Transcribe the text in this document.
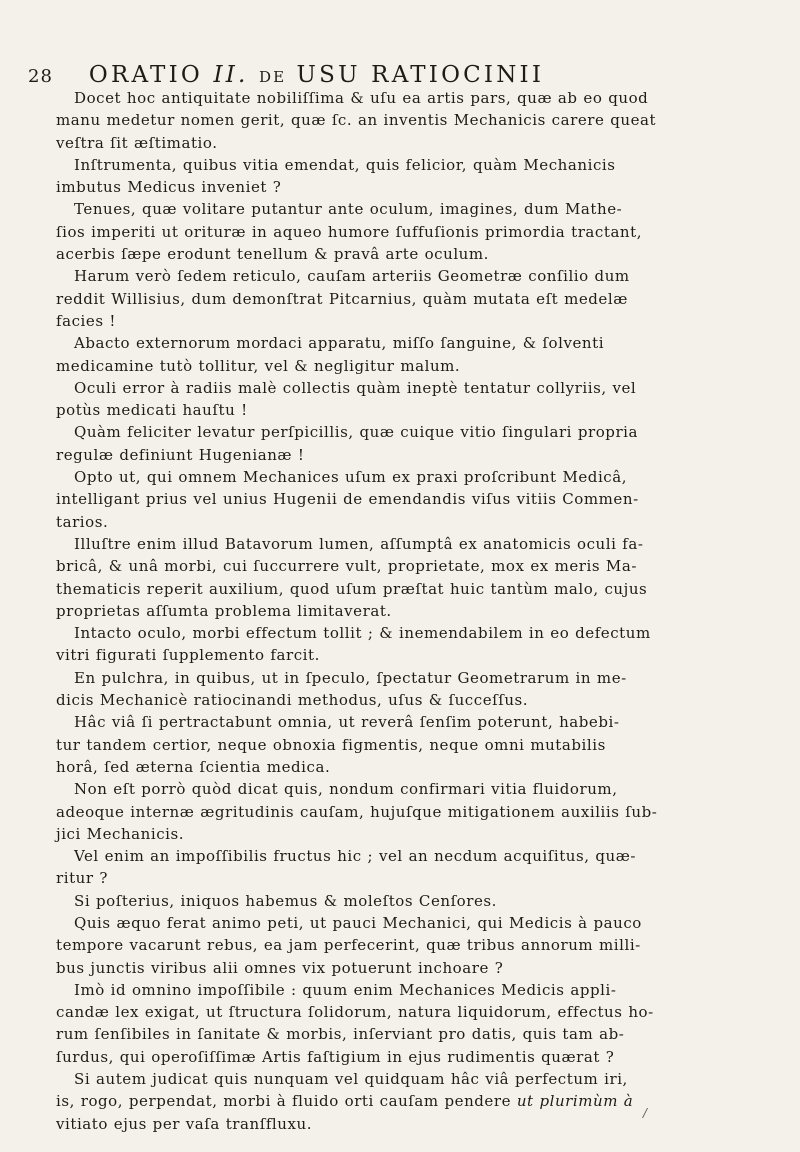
28 ORATIO II. DE USU RATIOCINII

Docet hoc antiquitate nobiliſſima & uſu ea artis pars, quæ ab eo quod

manu medetur nomen gerit, quæ ſc. an inventis Mechanicis carere queat

veſtra ſit æſtimatio.

Inſtrumenta, quibus vitia emendat, quis felicior, quàm Mechanicis

imbutus Medicus inveniet ?

Tenues, quæ volitare putantur ante oculum, imagines, dum Mathe-

ſios imperiti ut orituræ in aqueo humore ſuffuſionis primordia tractant,

acerbis ſæpe erodunt tenellum & pravâ arte oculum.

Harum verò ſedem reticulo, cauſam arteriis Geometræ conſilio dum

reddit Willisius, dum demonſtrat Pitcarnius, quàm mutata eſt medelæ

facies !

Abacto externorum mordaci apparatu, miſſo ſanguine, & ſolventi

medicamine tutò tollitur, vel & negligitur malum.

Oculi error à radiis malè collectis quàm ineptè tentatur collyriis, vel

potùs medicati hauſtu !

Quàm feliciter levatur perſpicillis, quæ cuique vitio ſingulari propria

regulæ definiunt Hugenianæ !

Opto ut, qui omnem Mechanices uſum ex praxi proſcribunt Medicâ,

intelligant prius vel unius Hugenii de emendandis viſus vitiis Commen-

tarios.

Illuſtre enim illud Batavorum lumen, aſſumptâ ex anatomicis oculi fa-

bricâ, & unâ morbi, cui ſuccurrere vult, proprietate, mox ex meris Ma-

thematicis reperit auxilium, quod uſum præſtat huic tantùm malo, cujus

proprietas aſſumta problema limitaverat.

Intacto oculo, morbi effectum tollit ; & inemendabilem in eo defectum

vitri figurati ſupplemento farcit.

En pulchra, in quibus, ut in ſpeculo, ſpectatur Geometrarum in me-

dicis Mechanicè ratiocinandi methodus, uſus & ſucceſſus.

Hâc viâ ſi pertractabunt omnia, ut reverâ ſenſim poterunt, habebi-

tur tandem certior, neque obnoxia figmentis, neque omni mutabilis

horâ, ſed æterna ſcientia medica.

Non eſt porrò quòd dicat quis, nondum confirmari vitia fluidorum,

adeoque internæ ægritudinis cauſam, hujuſque mitigationem auxiliis ſub-

jici Mechanicis.

Vel enim an impoſſibilis fructus hic ; vel an necdum acquiſitus, quæ-

ritur ?

Si poſterius, iniquos habemus & moleſtos Cenſores.

Quis æquo ferat animo peti, ut pauci Mechanici, qui Medicis à pauco

tempore vacarunt rebus, ea jam perfecerint, quæ tribus annorum milli-

bus junctis viribus alii omnes vix potuerunt inchoare ?

Imò id omnino impoſſibile : quum enim Mechanices Medicis appli-

candæ lex exigat, ut ſtructura ſolidorum, natura liquidorum, effectus ho-

rum ſenſibiles in ſanitate & morbis, inſerviant pro datis, quis tam ab-

ſurdus, qui operoſiſſimæ Artis faſtigium in ejus rudimentis quærat ?

Si autem judicat quis nunquam vel quidquam hâc viâ perfectum iri,

is, rogo, perpendat, morbi à fluido orti cauſam pendere ut plurimùm à

vitiato ejus per vaſa tranſfluxu.

/
